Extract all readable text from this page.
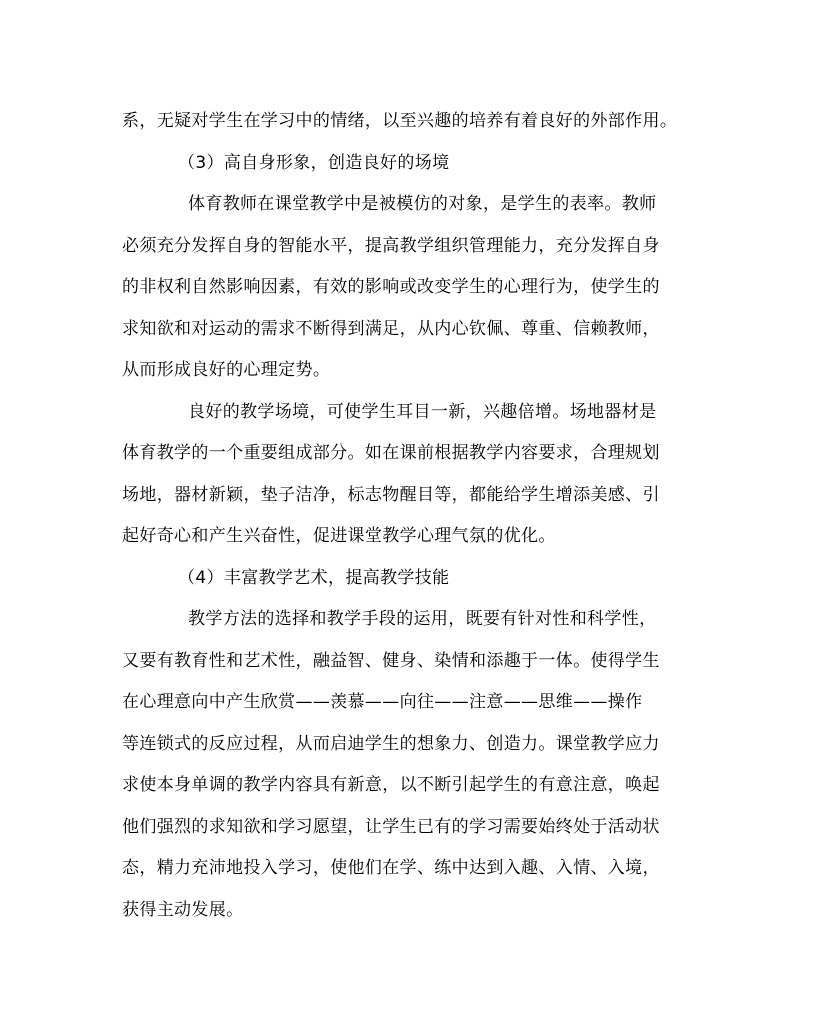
系，无疑对学生在学习中的情绪，以至兴趣的培养有着良好的外部作用。
（3）高自身形象，创造良好的场境
体育教师在课堂教学中是被模仿的对象，是学生的表率。教师
必须充分发挥自身的智能水平，提高教学组织管理能力，充分发挥自身
的非权利自然影响因素，有效的影响或改变学生的心理行为，使学生的
求知欲和对运动的需求不断得到满足，从内心钦佩、尊重、信赖教师，
从而形成良好的心理定势。
良好的教学场境，可使学生耳目一新，兴趣倍增。场地器材是
体育教学的一个重要组成部分。如在课前根据教学内容要求，合理规划
场地，器材新颖，垫子洁净，标志物醒目等，都能给学生增添美感、引
起好奇心和产生兴奋性，促进课堂教学心理气氛的优化。
（4）丰富教学艺术，提高教学技能
教学方法的选择和教学手段的运用，既要有针对性和科学性，
又要有教育性和艺术性，融益智、健身、染情和添趣于一体。使得学生
在心理意向中产生欣赏——羡慕——向往——注意——思维——操作
等连锁式的反应过程，从而启迪学生的想象力、创造力。课堂教学应力
求使本身单调的教学内容具有新意，以不断引起学生的有意注意，唤起
他们强烈的求知欲和学习愿望，让学生已有的学习需要始终处于活动状
态，精力充沛地投入学习，使他们在学、练中达到入趣、入情、入境，
获得主动发展。
